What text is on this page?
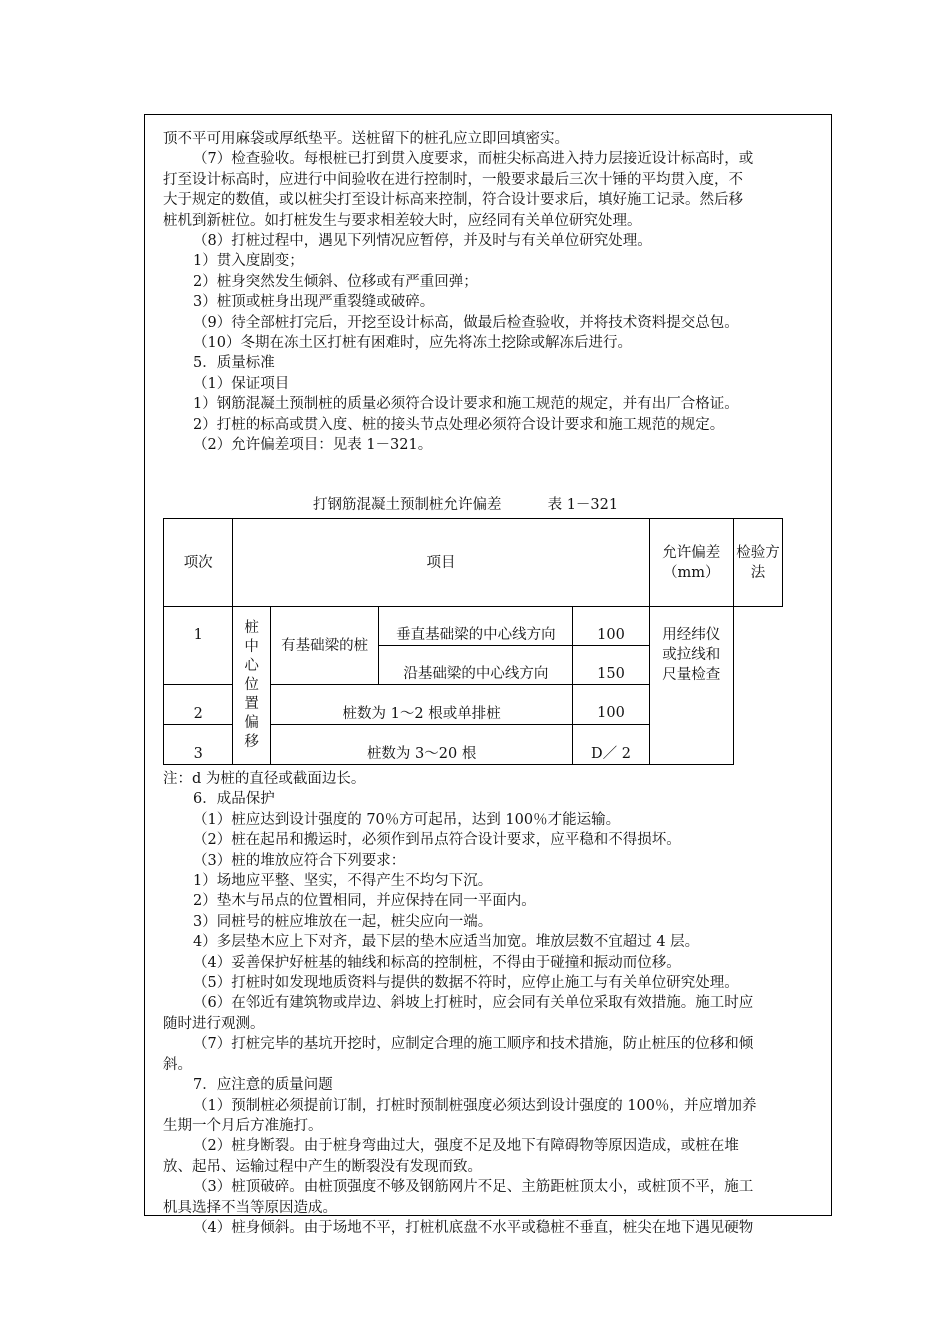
顶不平可用麻袋或厚纸垫平。送桩留下的桩孔应立即回填密实。
（7）检查验收。每根桩已打到贯入度要求，而桩尖标高进入持力层接近设计标高时，或
打至设计标高时，应进行中间验收在进行控制时，一般要求最后三次十锤的平均贯入度，不
大于规定的数值，或以桩尖打至设计标高来控制，符合设计要求后，填好施工记录。然后移
桩机到新桩位。如打桩发生与要求相差较大时，应经同有关单位研究处理。
（8）打桩过程中，遇见下列情况应暂停，并及时与有关单位研究处理。
1）贯入度剧变；
2）桩身突然发生倾斜、位移或有严重回弹；
3）桩顶或桩身出现严重裂缝或破碎。
（9）待全部桩打完后，开挖至设计标高，做最后检查验收，并将技术资料提交总包。
（10）冬期在冻土区打桩有困难时，应先将冻土挖除或解冻后进行。
5．质量标准
（1）保证项目
1）钢筋混凝土预制桩的质量必须符合设计要求和施工规范的规定，并有出厂合格证。
2）打桩的标高或贯入度、桩的接头节点处理必须符合设计要求和施工规范的规定。
（2）允许偏差项目：见表 1－321。
打钢筋混凝土预制桩允许偏差          表 1－321
项次	项目				允许偏差（mm）	检验方法

1	桩中心位置偏移	有基础梁的桩	垂直基础梁的中心线方向	100	用经纬仪或拉线和尺量检查	

			沿基础梁的中心线方向	150		
2		桩数为 1～2 根或单排桩		100		
3		桩数为 3～20 根		D／ 2		
注：d 为桩的直径或截面边长。
6．成品保护
（1）桩应达到设计强度的 70％方可起吊，达到 100％才能运输。
（2）桩在起吊和搬运时，必须作到吊点符合设计要求，应平稳和不得损坏。
（3）桩的堆放应符合下列要求：
1）场地应平整、坚实，不得产生不均匀下沉。
2）垫木与吊点的位置相同，并应保持在同一平面内。
3）同桩号的桩应堆放在一起，桩尖应向一端。
4）多层垫木应上下对齐，最下层的垫木应适当加宽。堆放层数不宜超过 4 层。
（4）妥善保护好桩基的轴线和标高的控制桩，不得由于碰撞和振动而位移。
（5）打桩时如发现地质资料与提供的数据不符时，应停止施工与有关单位研究处理。
（6）在邻近有建筑物或岸边、斜坡上打桩时，应会同有关单位采取有效措施。施工时应
随时进行观测。
（7）打桩完毕的基坑开挖时，应制定合理的施工顺序和技术措施，防止桩压的位移和倾
斜。
7．应注意的质量问题
（1）预制桩必须提前订制，打桩时预制桩强度必须达到设计强度的 100％，并应增加养
生期一个月后方准施打。
（2）桩身断裂。由于桩身弯曲过大，强度不足及地下有障碍物等原因造成，或桩在堆
放、起吊、运输过程中产生的断裂没有发现而致。
（3）桩顶破碎。由桩顶强度不够及钢筋网片不足、主筋距桩顶太小，或桩顶不平，施工
机具选择不当等原因造成。
（4）桩身倾斜。由于场地不平，打桩机底盘不水平或稳桩不垂直，桩尖在地下遇见硬物
